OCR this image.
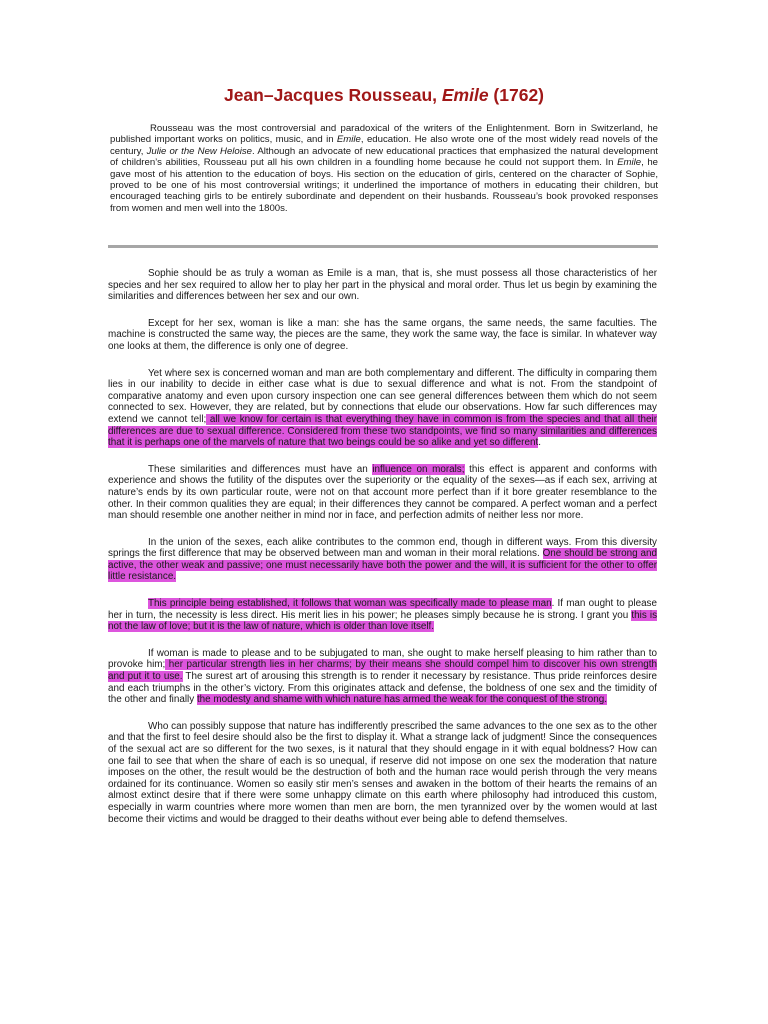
Jean–Jacques Rousseau, Emile (1762)

Rousseau was the most controversial and paradoxical of the writers of the Enlightenment. Born in Switzerland, he published important works on politics, music, and in Emile, education. He also wrote one of the most widely read novels of the century, Julie or the New Heloise. Although an advocate of new educational practices that emphasized the natural development of children’s abilities, Rousseau put all his own children in a foundling home because he could not support them. In Emile, he gave most of his attention to the education of boys. His section on the education of girls, centered on the character of Sophie, proved to be one of his most controversial writings; it underlined the importance of mothers in educating their children, but encouraged teaching girls to be entirely subordinate and dependent on their husbands. Rousseau’s book provoked responses from women and men well into the 1800s.

Sophie should be as truly a woman as Emile is a man, that is, she must possess all those characteristics of her species and her sex required to allow her to play her part in the physical and moral order. Thus let us begin by examining the similarities and differences between her sex and our own.

Except for her sex, woman is like a man: she has the same organs, the same needs, the same faculties. The machine is constructed the same way, the pieces are the same, they work the same way, the face is similar. In whatever way one looks at them, the difference is only one of degree.

Yet where sex is concerned woman and man are both complementary and different. The difficulty in comparing them lies in our inability to decide in either case what is due to sexual difference and what is not. From the standpoint of comparative anatomy and even upon cursory inspection one can see general differences between them which do not seem connected to sex. However, they are related, but by connections that elude our observations. How far such differences may extend we cannot tell; all we know for certain is that everything they have in common is from the species and that all their differences are due to sexual difference. Considered from these two standpoints, we find so many similarities and differences that it is perhaps one of the marvels of nature that two beings could be so alike and yet so different.

These similarities and differences must have an influence on morals; this effect is apparent and conforms with experience and shows the futility of the disputes over the superiority or the equality of the sexes—as if each sex, arriving at nature’s ends by its own particular route, were not on that account more perfect than if it bore greater resemblance to the other. In their common qualities they are equal; in their differences they cannot be compared. A perfect woman and a perfect man should resemble one another neither in mind nor in face, and perfection admits of neither less nor more.

In the union of the sexes, each alike contributes to the common end, though in different ways. From this diversity springs the first difference that may be observed between man and woman in their moral relations. One should be strong and active, the other weak and passive; one must necessarily have both the power and the will, it is sufficient for the other to offer little resistance.

This principle being established, it follows that woman was specifically made to please man. If man ought to please her in turn, the necessity is less direct. His merit lies in his power; he pleases simply because he is strong. I grant you this is not the law of love; but it is the law of nature, which is older than love itself.

If woman is made to please and to be subjugated to man, she ought to make herself pleasing to him rather than to provoke him; her particular strength lies in her charms; by their means she should compel him to discover his own strength and put it to use. The surest art of arousing this strength is to render it necessary by resistance. Thus pride reinforces desire and each triumphs in the other’s victory. From this originates attack and defense, the boldness of one sex and the timidity of the other and finally the modesty and shame with which nature has armed the weak for the conquest of the strong.

Who can possibly suppose that nature has indifferently prescribed the same advances to the one sex as to the other and that the first to feel desire should also be the first to display it. What a strange lack of judgment! Since the consequences of the sexual act are so different for the two sexes, is it natural that they should engage in it with equal boldness? How can one fail to see that when the share of each is so unequal, if reserve did not impose on one sex the moderation that nature imposes on the other, the result would be the destruction of both and the human race would perish through the very means ordained for its continuance. Women so easily stir men’s senses and awaken in the bottom of their hearts the remains of an almost extinct desire that if there were some unhappy climate on this earth where philosophy had introduced this custom, especially in warm countries where more women than men are born, the men tyrannized over by the women would at last become their victims and would be dragged to their deaths without ever being able to defend themselves.
